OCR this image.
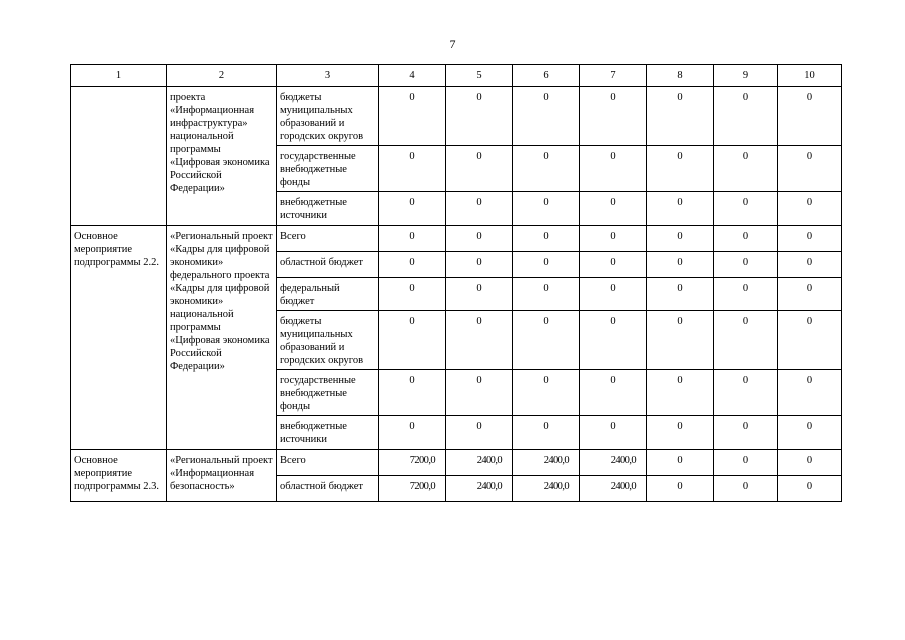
7
1	2	3	4	5	6	7	8	9	10
	проекта «Информационная инфраструктура» национальной программы «Цифровая экономика Российской Федерации»	бюджеты муниципальных образований и городских округов	0	0	0	0	0	0	0
		государственные внебюджетные фонды	0	0	0	0	0	0	0
		внебюджетные источники	0	0	0	0	0	0	0
Основное мероприятие подпрограммы 2.2.	«Региональный проект «Кадры для цифровой экономики» федерального проекта «Кадры для цифровой экономики» национальной программы «Цифровая экономика Российской Федерации»	Всего	0	0	0	0	0	0	0
		областной бюджет	0	0	0	0	0	0	0
		федеральный бюджет	0	0	0	0	0	0	0
		бюджеты муниципальных образований и городских округов	0	0	0	0	0	0	0
		государственные внебюджетные фонды	0	0	0	0	0	0	0
		внебюджетные источники	0	0	0	0	0	0	0
Основное мероприятие подпрограммы 2.3.	«Региональный проект «Информационная безопасность»	Всего	7200,0	2400,0	2400,0	2400,0	0	0	0
		областной бюджет	7200,0	2400,0	2400,0	2400,0	0	0	0
